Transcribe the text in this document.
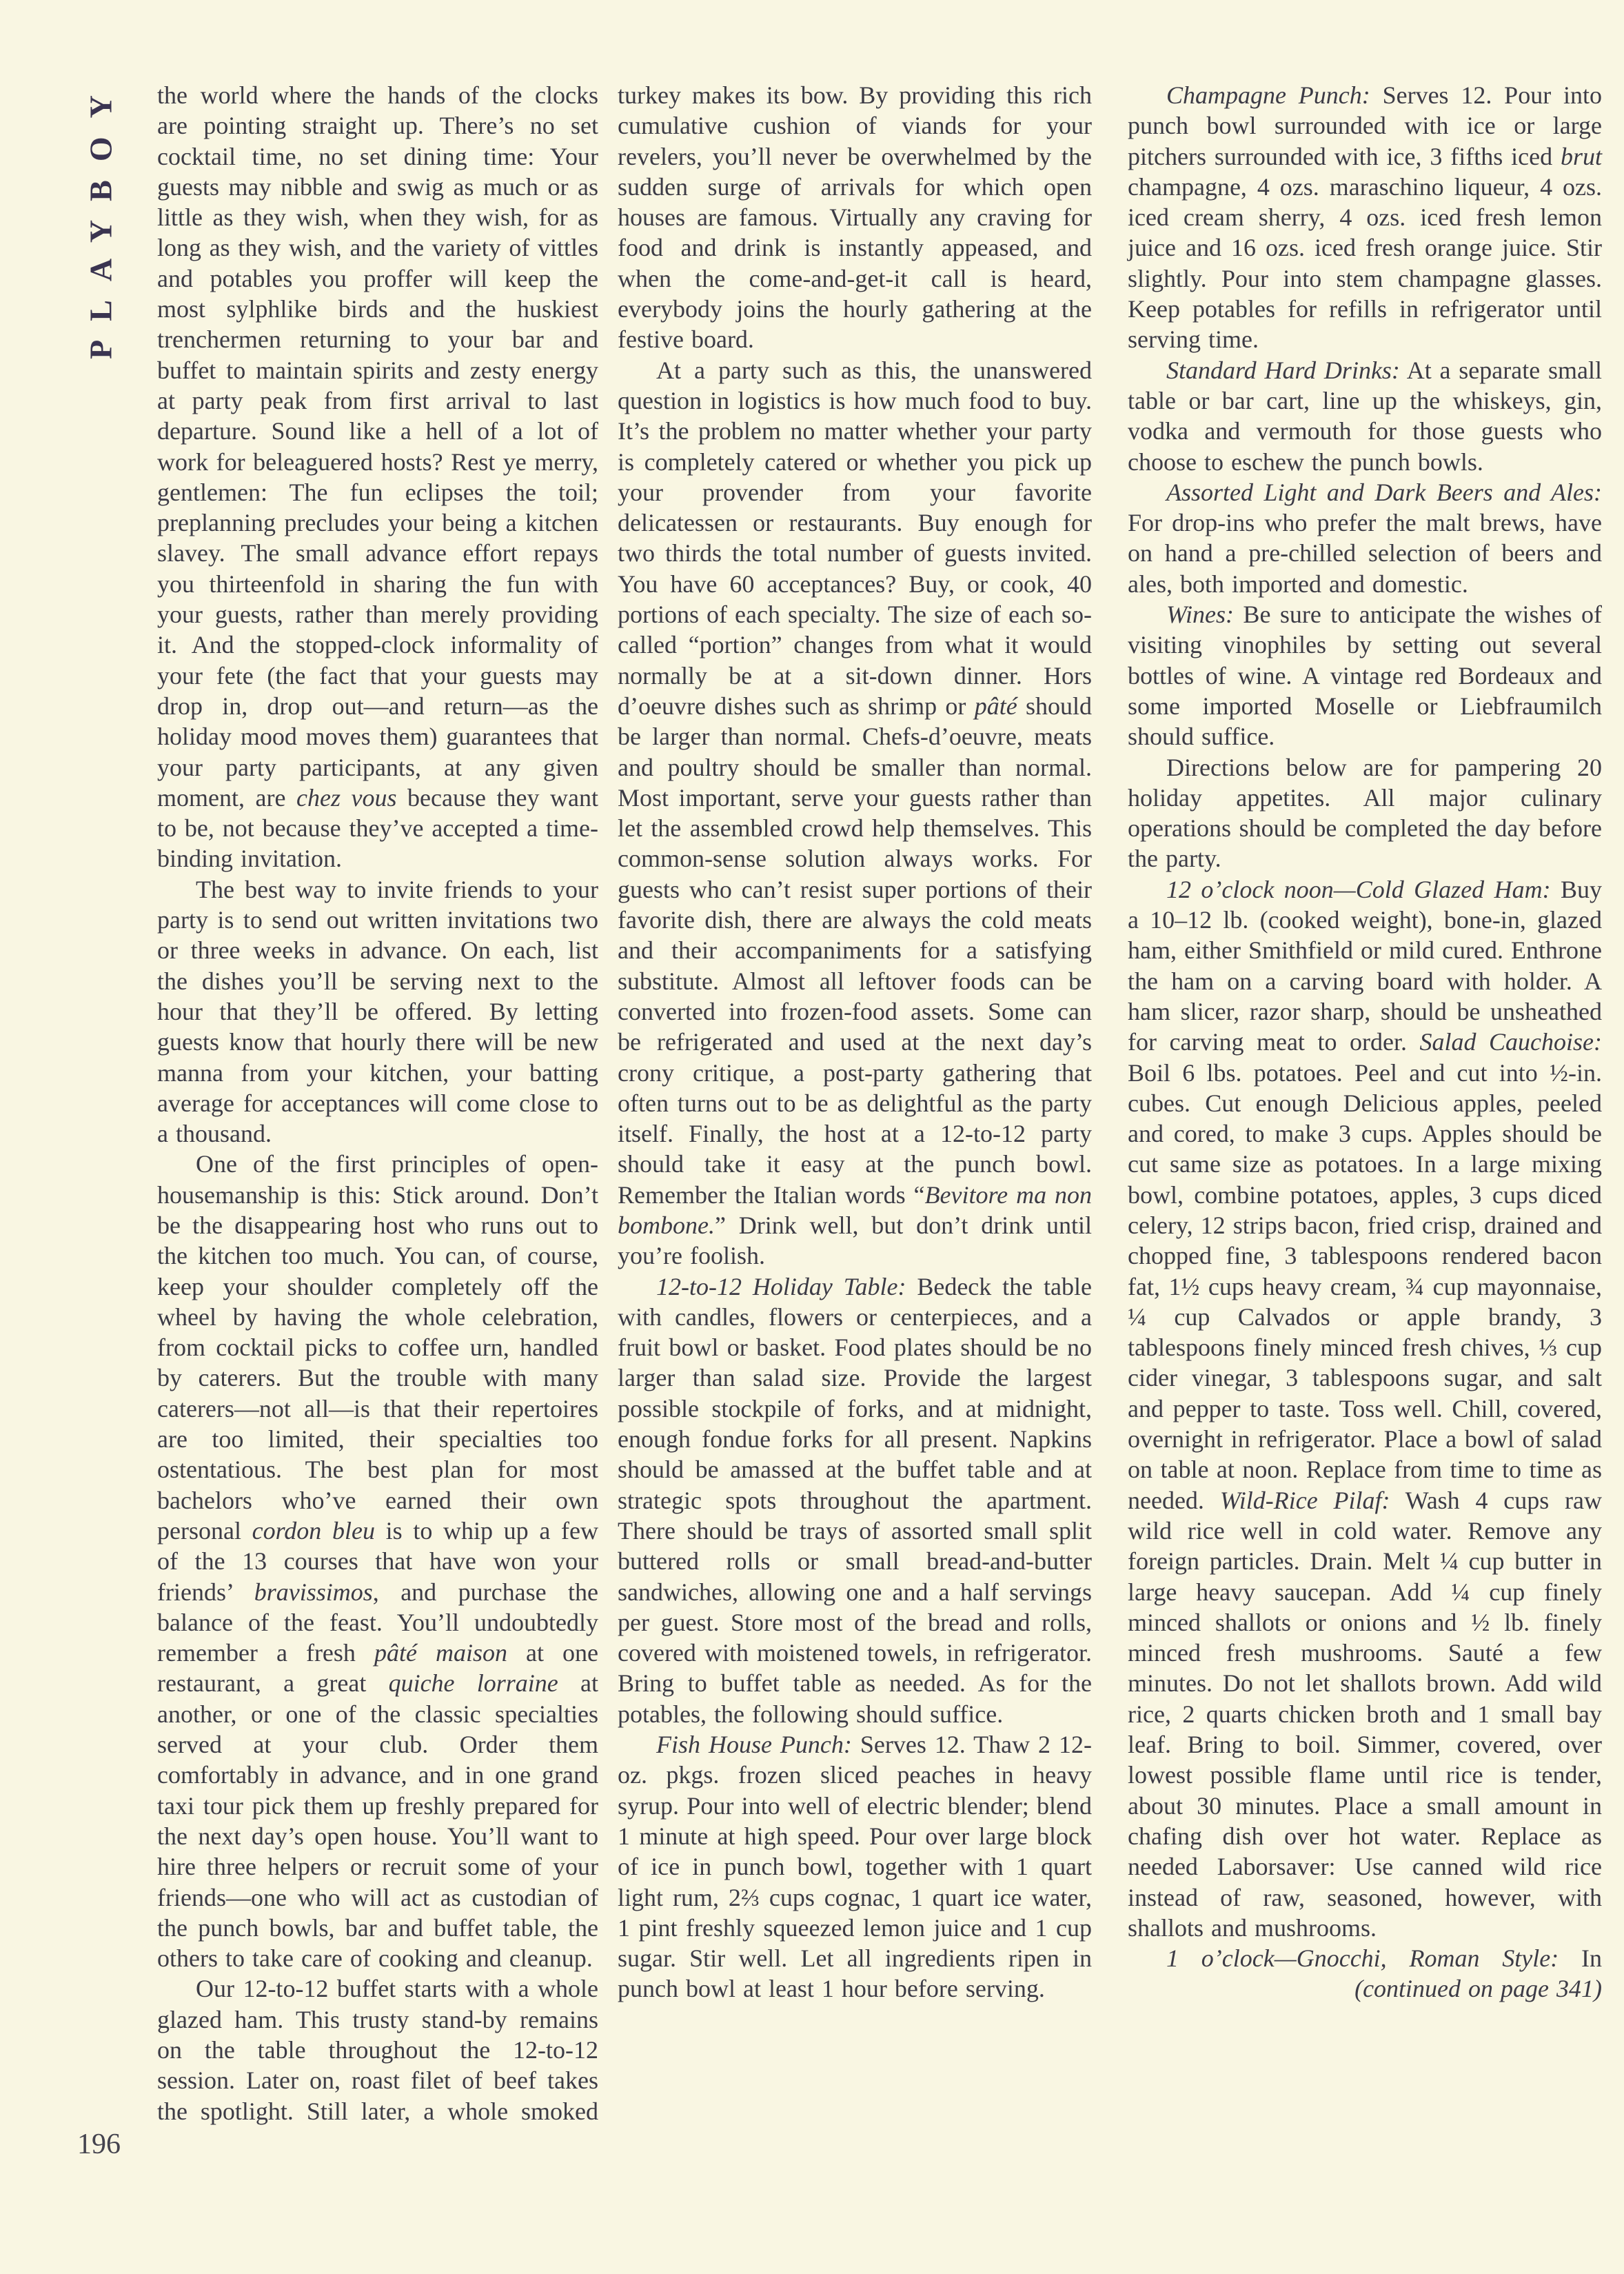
PLAYBOY the world where the hands of the clocks are pointing straight up. There’s no set cocktail time, no set dining time: Your guests may nibble and swig as much or as little as they wish, when they wish, for as long as they wish, and the variety of vittles and potables you proffer will keep the most sylphlike birds and the huskiest trenchermen returning to your bar and buffet to maintain spirits and zesty energy at party peak from first arrival to last departure. Sound like a hell of a lot of work for beleaguered hosts? Rest ye merry, gentlemen: The fun eclipses the toil; preplanning precludes your being a kitchen slavey. The small advance effort repays you thirteenfold in sharing the fun with your guests, rather than merely providing it. And the stopped-clock informality of your fete (the fact that your guests may drop in, drop out—and return—as the holiday mood moves them) guarantees that your party participants, at any given moment, are chez vous because they want to be, not because they’ve accepted a time-binding invitation.

The best way to invite friends to your party is to send out written invitations two or three weeks in advance. On each, list the dishes you’ll be serving next to the hour that they’ll be offered. By letting guests know that hourly there will be new manna from your kitchen, your batting average for acceptances will come close to a thousand.

One of the first principles of open-housemanship is this: Stick around. Don’t be the disappearing host who runs out to the kitchen too much. You can, of course, keep your shoulder completely off the wheel by having the whole celebration, from cocktail picks to coffee urn, handled by caterers. But the trouble with many caterers—not all—is that their repertoires are too limited, their specialties too ostentatious. The best plan for most bachelors who’ve earned their own personal cordon bleu is to whip up a few of the 13 courses that have won your friends’ bravissimos, and purchase the balance of the feast. You’ll undoubtedly remember a fresh pâté maison at one restaurant, a great quiche lorraine at another, or one of the classic specialties served at your club. Order them comfortably in advance, and in one grand taxi tour pick them up freshly prepared for the next day’s open house. You’ll want to hire three helpers or recruit some of your friends—one who will act as custodian of the punch bowls, bar and buffet table, the others to take care of cooking and cleanup.

Our 12-to-12 buffet starts with a whole glazed ham. This trusty stand-by remains on the table throughout the 12-to-12 session. Later on, roast filet of beef takes the spotlight. Still later, a whole smoked

turkey makes its bow. By providing this rich cumulative cushion of viands for your revelers, you’ll never be overwhelmed by the sudden surge of arrivals for which open houses are famous. Virtually any craving for food and drink is instantly appeased, and when the come-and-get-it call is heard, everybody joins the hourly gathering at the festive board.

At a party such as this, the unanswered question in logistics is how much food to buy. It’s the problem no matter whether your party is completely catered or whether you pick up your provender from your favorite delicatessen or restaurants. Buy enough for two thirds the total number of guests invited. You have 60 acceptances? Buy, or cook, 40 portions of each specialty. The size of each so-called “portion” changes from what it would normally be at a sit-down dinner. Hors d’oeuvre dishes such as shrimp or pâté should be larger than normal. Chefs-d’oeuvre, meats and poultry should be smaller than normal. Most important, serve your guests rather than let the assembled crowd help themselves. This common-sense solution always works. For guests who can’t resist super portions of their favorite dish, there are always the cold meats and their accompaniments for a satisfying substitute. Almost all leftover foods can be converted into frozen-food assets. Some can be refrigerated and used at the next day’s crony critique, a post-party gathering that often turns out to be as delightful as the party itself. Finally, the host at a 12-to-12 party should take it easy at the punch bowl. Remember the Italian words “Bevitore ma non bombone.” Drink well, but don’t drink until you’re foolish.

12-to-12 Holiday Table: Bedeck the table with candles, flowers or centerpieces, and a fruit bowl or basket. Food plates should be no larger than salad size. Provide the largest possible stockpile of forks, and at midnight, enough fondue forks for all present. Napkins should be amassed at the buffet table and at strategic spots throughout the apartment. There should be trays of assorted small split buttered rolls or small bread-and-butter sandwiches, allowing one and a half servings per guest. Store most of the bread and rolls, covered with moistened towels, in refrigerator. Bring to buffet table as needed. As for the potables, the following should suffice.

Fish House Punch: Serves 12. Thaw 2 12-oz. pkgs. frozen sliced peaches in heavy syrup. Pour into well of electric blender; blend 1 minute at high speed. Pour over large block of ice in punch bowl, together with 1 quart light rum, 2⅔ cups cognac, 1 quart ice water, 1 pint freshly squeezed lemon juice and 1 cup sugar. Stir well. Let all ingredients ripen in punch bowl at least 1 hour before serving.

Champagne Punch: Serves 12. Pour into punch bowl surrounded with ice or large pitchers surrounded with ice, 3 fifths iced brut champagne, 4 ozs. maraschino liqueur, 4 ozs. iced cream sherry, 4 ozs. iced fresh lemon juice and 16 ozs. iced fresh orange juice. Stir slightly. Pour into stem champagne glasses. Keep potables for refills in refrigerator until serving time.

Standard Hard Drinks: At a separate small table or bar cart, line up the whiskeys, gin, vodka and vermouth for those guests who choose to eschew the punch bowls.

Assorted Light and Dark Beers and Ales: For drop-ins who prefer the malt brews, have on hand a pre-chilled selection of beers and ales, both imported and domestic.

Wines: Be sure to anticipate the wishes of visiting vinophiles by setting out several bottles of wine. A vintage red Bordeaux and some imported Moselle or Liebfraumilch should suffice.

Directions below are for pampering 20 holiday appetites. All major culinary operations should be completed the day before the party.

12 o’clock noon—Cold Glazed Ham: Buy a 10–12 lb. (cooked weight), bone-in, glazed ham, either Smithfield or mild cured. Enthrone the ham on a carving board with holder. A ham slicer, razor sharp, should be unsheathed for carving meat to order. Salad Cauchoise: Boil 6 lbs. potatoes. Peel and cut into ½-in. cubes. Cut enough Delicious apples, peeled and cored, to make 3 cups. Apples should be cut same size as potatoes. In a large mixing bowl, combine potatoes, apples, 3 cups diced celery, 12 strips bacon, fried crisp, drained and chopped fine, 3 tablespoons rendered bacon fat, 1½ cups heavy cream, ¾ cup mayonnaise, ¼ cup Calvados or apple brandy, 3 tablespoons finely minced fresh chives, ⅓ cup cider vinegar, 3 tablespoons sugar, and salt and pepper to taste. Toss well. Chill, covered, overnight in refrigerator. Place a bowl of salad on table at noon. Replace from time to time as needed. Wild-Rice Pilaf: Wash 4 cups raw wild rice well in cold water. Remove any foreign particles. Drain. Melt ¼ cup butter in large heavy saucepan. Add ¼ cup finely minced shallots or onions and ½ lb. finely minced fresh mushrooms. Sauté a few minutes. Do not let shallots brown. Add wild rice, 2 quarts chicken broth and 1 small bay leaf. Bring to boil. Simmer, covered, over lowest possible flame until rice is tender, about 30 minutes. Place a small amount in chafing dish over hot water. Replace as needed Laborsaver: Use canned wild rice instead of raw, seasoned, however, with shallots and mushrooms.

1 o’clock—Gnocchi, Roman Style: In

(continued on page 341)

196
